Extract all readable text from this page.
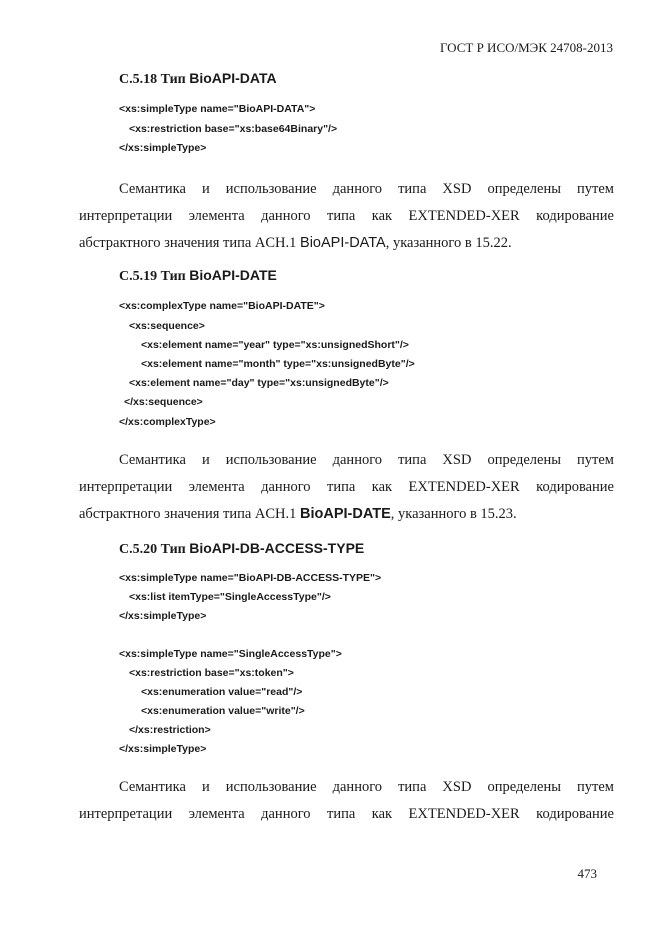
ГОСТ Р ИСО/МЭК 24708-2013
С.5.18 Тип BioAPI-DATA
<xs:simpleType name="BioAPI-DATA">
<xs:restriction base="xs:base64Binary"/>
</xs:simpleType>
Семантика и использование данного типа XSD определены путем
интерпретации элемента данного типа как EXTENDED-XER кодирование
абстрактного значения типа ACH.1 BioAPI-DATA, указанного в 15.22.
С.5.19 Тип BioAPI-DATE
<xs:complexType name="BioAPI-DATE">
<xs:sequence>
<xs:element name="year" type="xs:unsignedShort"/>
<xs:element name="month" type="xs:unsignedByte"/>
<xs:element name="day" type="xs:unsignedByte"/>
</xs:sequence>
</xs:complexType>
Семантика и использование данного типа XSD определены путем
интерпретации элемента данного типа как EXTENDED-XER кодирование
абстрактного значения типа ACH.1 BioAPI-DATE, указанного в 15.23.
С.5.20 Тип BioAPI-DB-ACCESS-TYPE
<xs:simpleType name="BioAPI-DB-ACCESS-TYPE">
<xs:list itemType="SingleAccessType"/>
</xs:simpleType>
<xs:simpleType name="SingleAccessType">
<xs:restriction base="xs:token">
<xs:enumeration value="read"/>
<xs:enumeration value="write"/>
</xs:restriction>
</xs:simpleType>
Семантика и использование данного типа XSD определены путем
интерпретации элемента данного типа как EXTENDED-XER кодирование
473
